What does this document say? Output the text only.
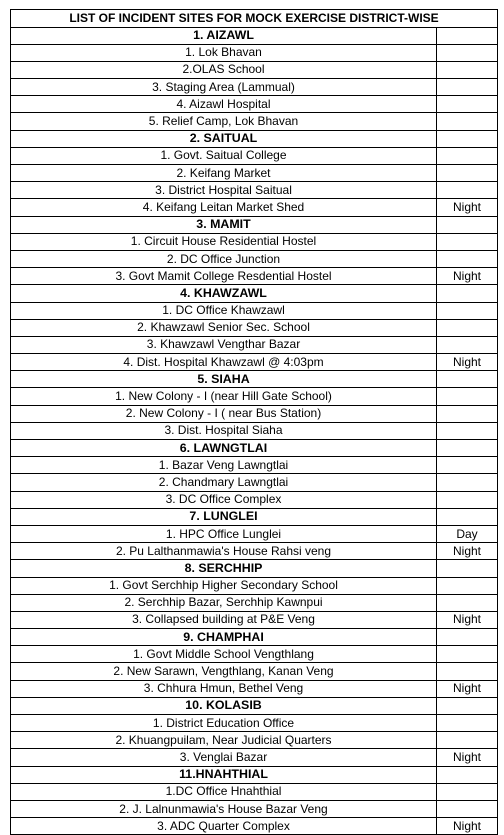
LIST OF INCIDENT SITES FOR MOCK EXERCISE DISTRICT-WISE	
1. AIZAWL	
1. Lok Bhavan	
2.OLAS School	
3. Staging Area (Lammual)	
4. Aizawl Hospital	
5. Relief Camp, Lok Bhavan	
2. SAITUAL	
1. Govt. Saitual College	
2. Keifang Market	
3. District Hospital Saitual	
4. Keifang Leitan Market Shed	Night
3. MAMIT	
1. Circuit House Residential Hostel	
2. DC Office Junction	
3. Govt Mamit College Resdential Hostel	Night
4. KHAWZAWL	
1. DC Office Khawzawl	
2. Khawzawl Senior Sec. School	
3. Khawzawl Vengthar Bazar	
4. Dist. Hospital Khawzawl @ 4:03pm	Night
5. SIAHA	
1. New Colony - I (near Hill Gate School)	
2. New Colony - I ( near Bus Station)	
3. Dist. Hospital Siaha	
6. LAWNGTLAI	
1. Bazar Veng Lawngtlai	
2. Chandmary Lawngtlai	
3. DC Office Complex	
7. LUNGLEI	
1. HPC Office Lunglei	Day
2. Pu Lalthanmawia's House Rahsi veng	Night
8. SERCHHIP	
1. Govt Serchhip Higher Secondary School	
2. Serchhip Bazar, Serchhip Kawnpui	
3. Collapsed building at P&E Veng	Night
9. CHAMPHAI	
1. Govt Middle School Vengthlang	
2. New Sarawn, Vengthlang, Kanan Veng	
3. Chhura Hmun, Bethel Veng	Night
10. KOLASIB	
1. District Education Office	
2. Khuangpuilam, Near Judicial Quarters	
3. Venglai Bazar	Night
11.HNAHTHIAL	
1.DC Office Hnahthial	
2. J. Lalnunmawia's House Bazar Veng	
3. ADC Quarter Complex	Night
